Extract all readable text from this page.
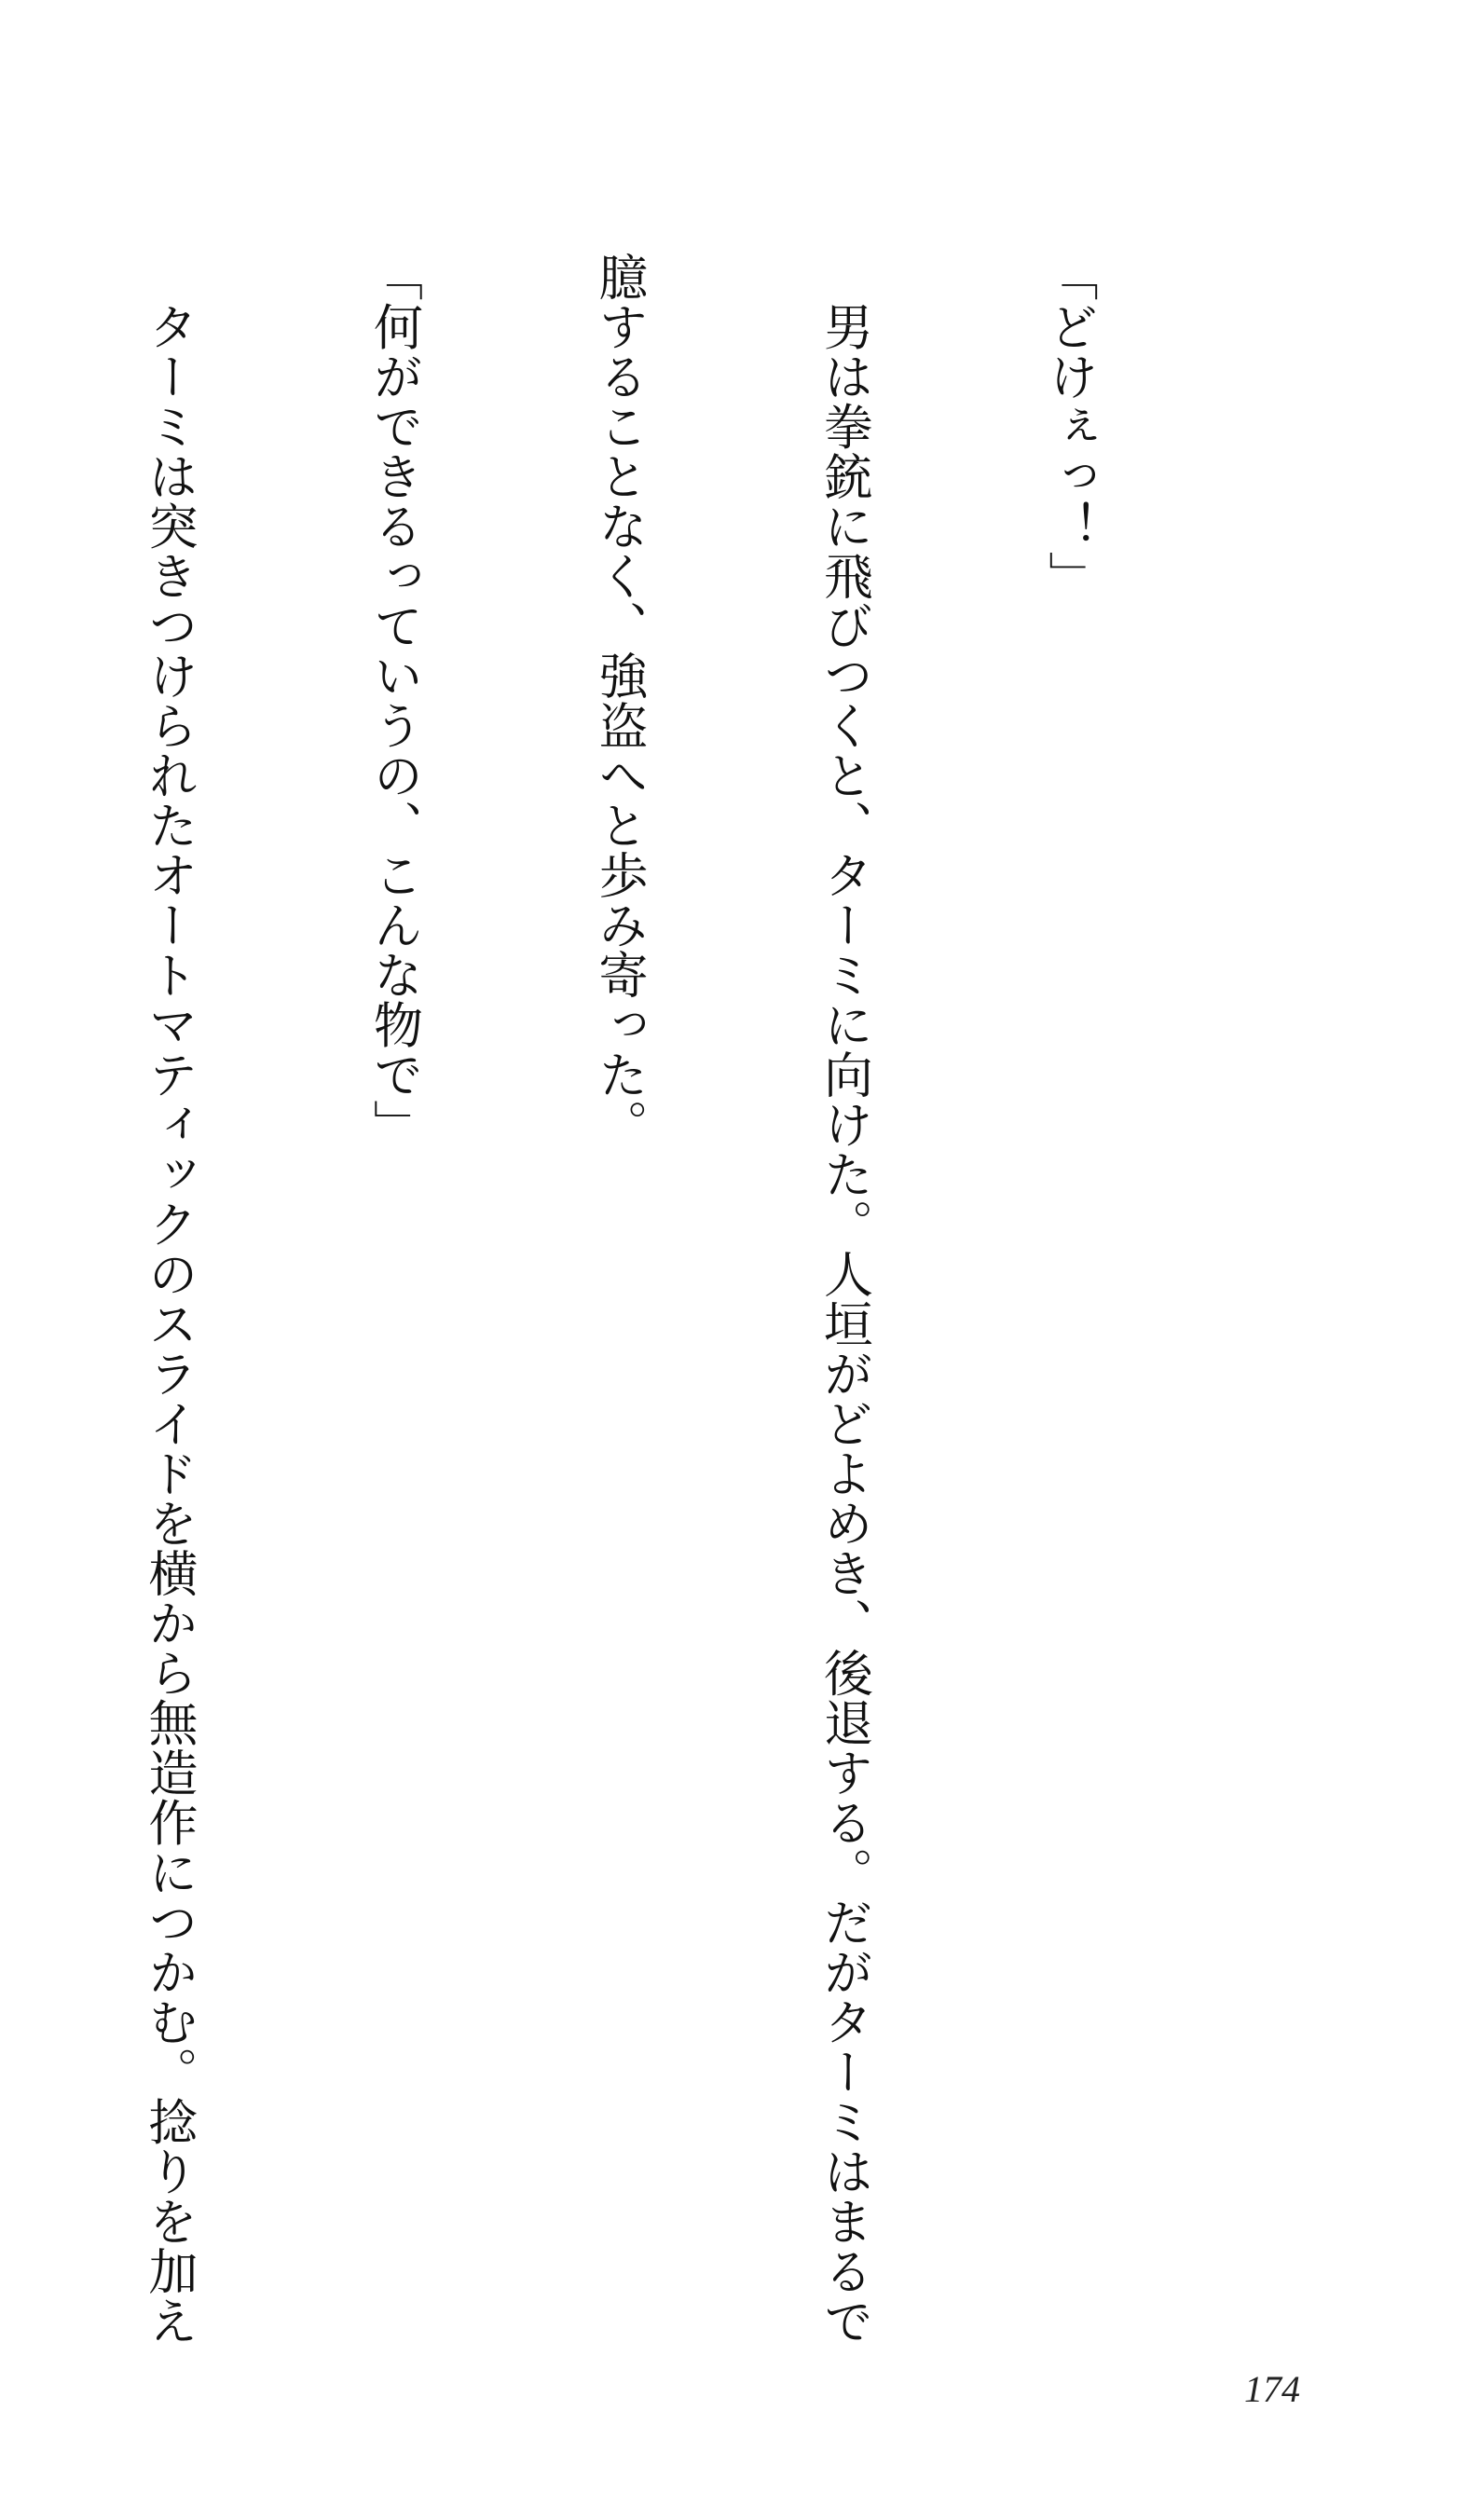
「どけぇっ！」

　男は拳銃に飛びつくと、ターミに向けた。人垣がどよめき、後退する。だがターミはまるで

臆することなく、強盗へと歩み寄った。

「何ができるっていうの、こんな物で」

　ターミは突きつけられたオートマティックのスライドを横から無造作につかむ。捻りを加え

174
